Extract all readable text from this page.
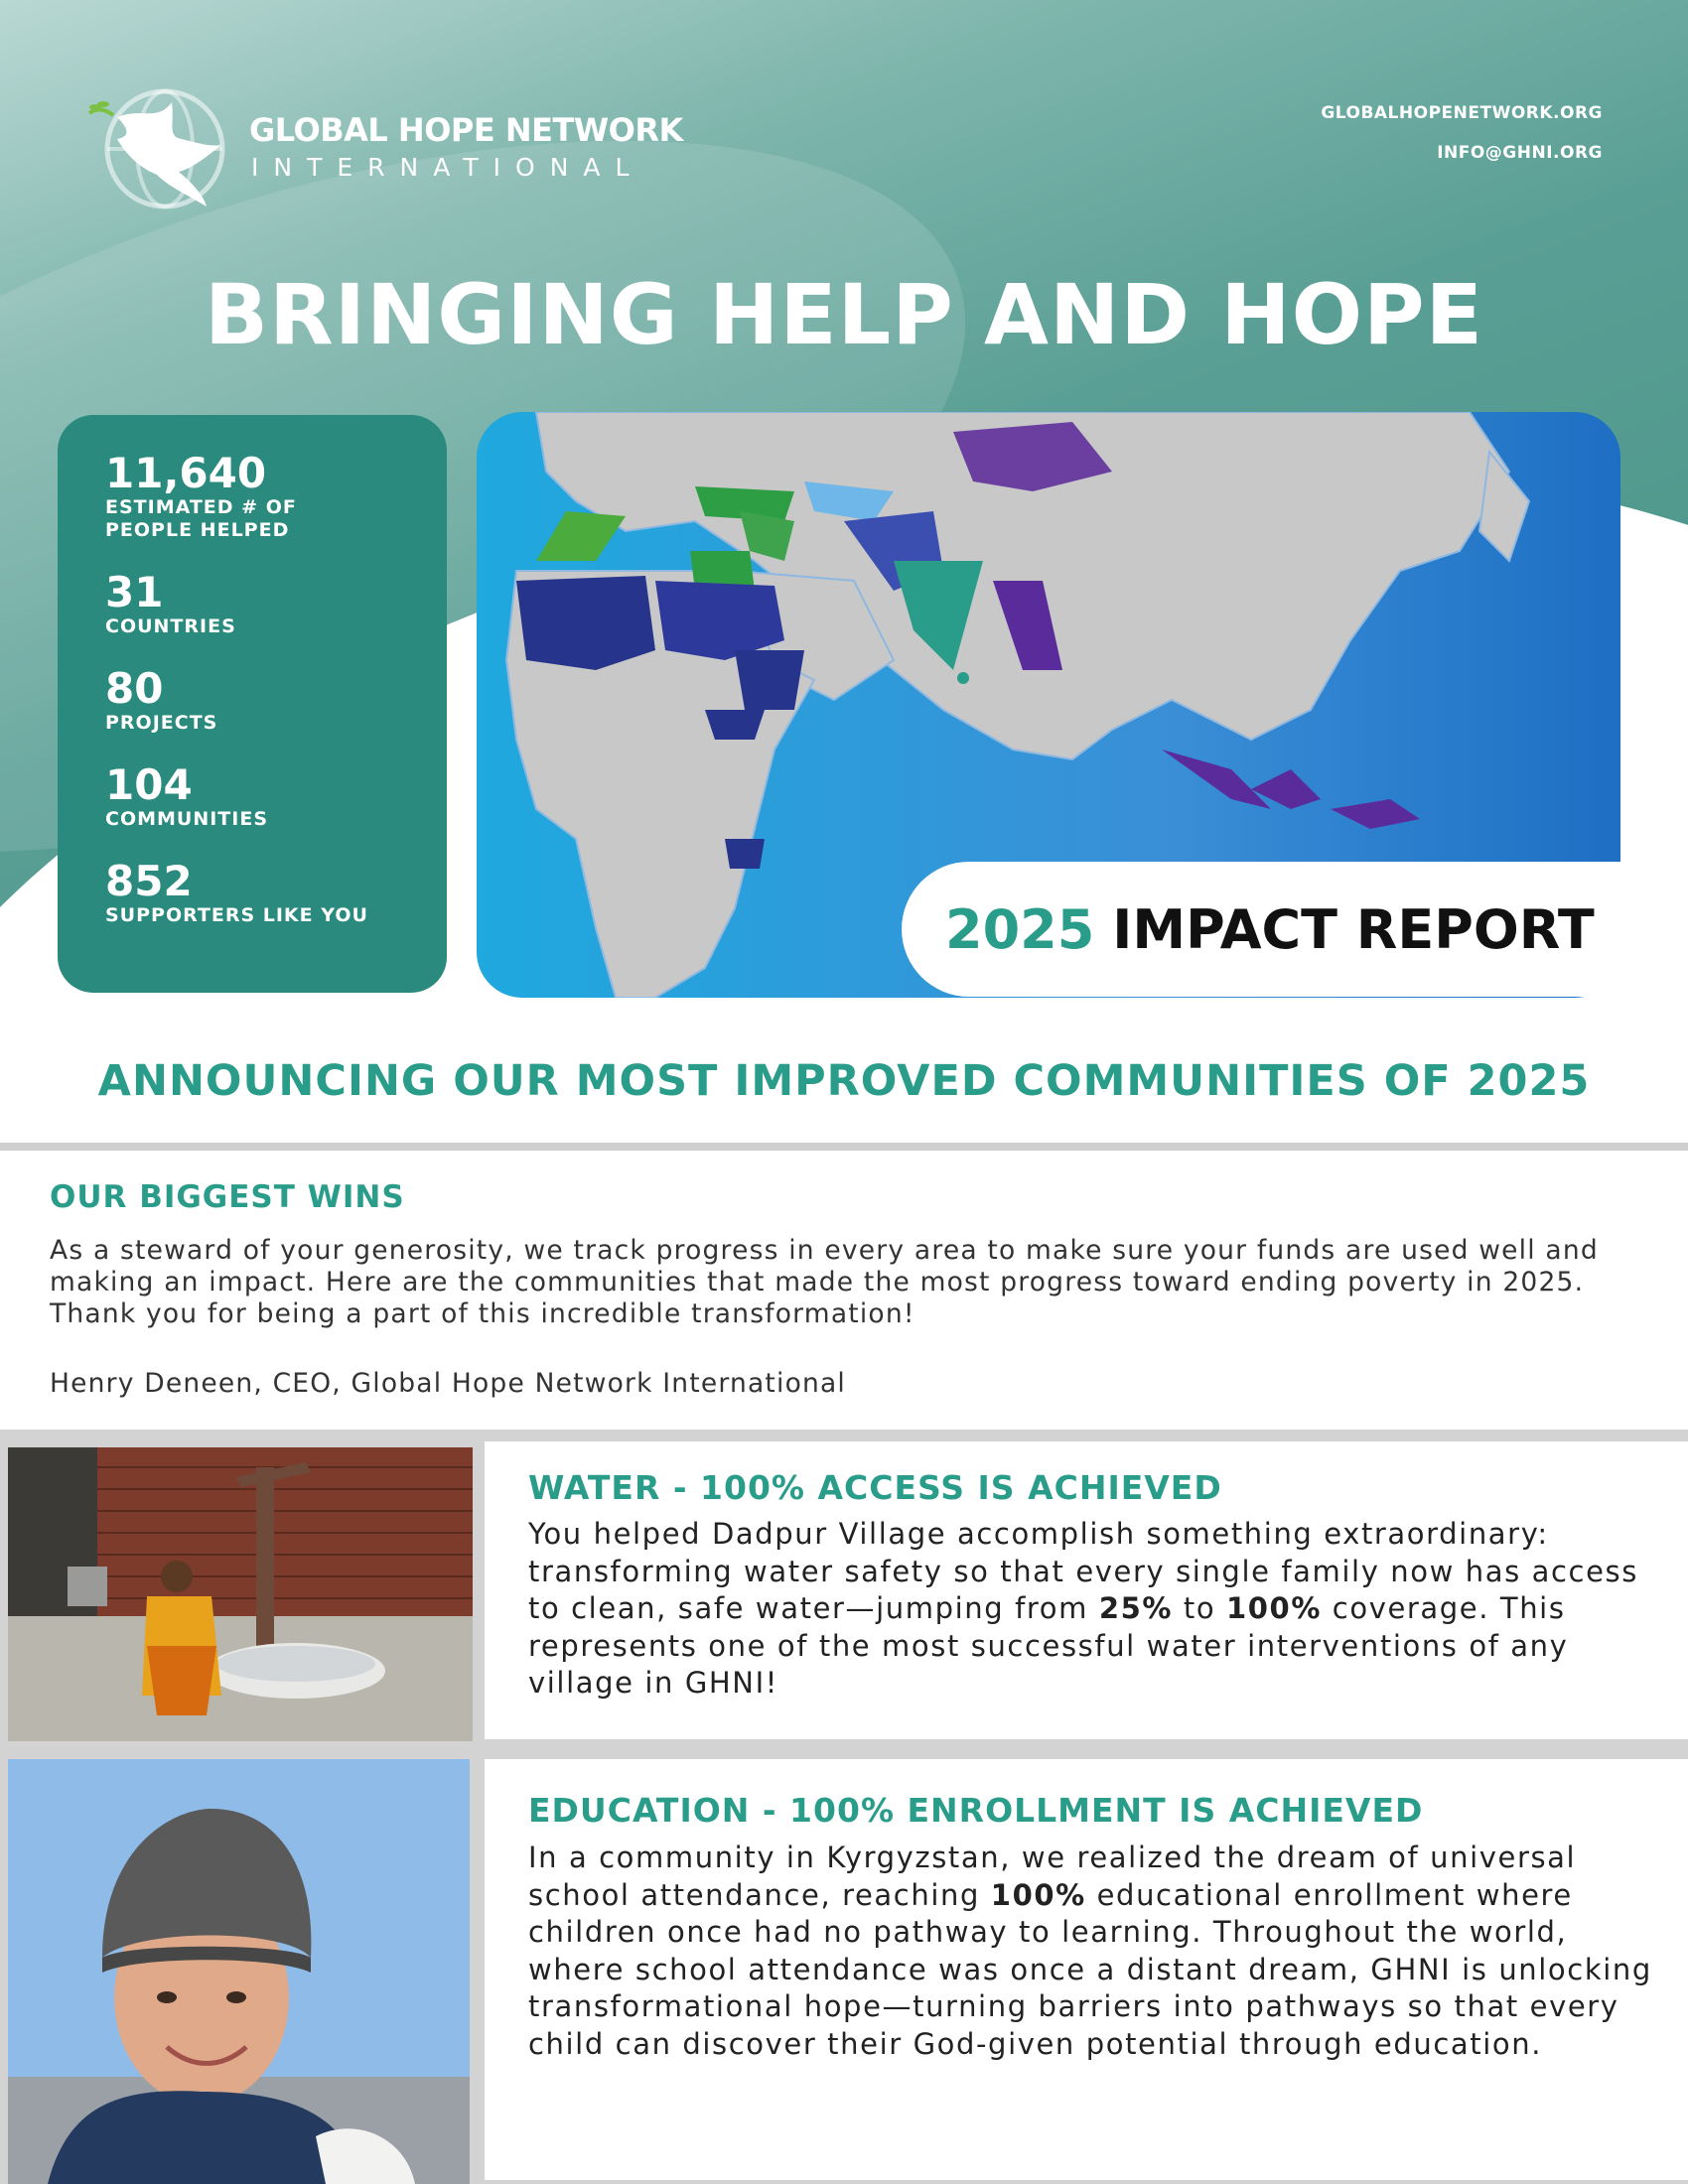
GLOBAL HOPE NETWORK
INTERNATIONAL
GLOBALHOPENETWORK.ORG
INFO@GHNI.ORG
BRINGING HELP AND HOPE
11,640
ESTIMATED # OF
PEOPLE HELPED
31
COUNTRIES
80
PROJECTS
104
COMMUNITIES
852
SUPPORTERS LIKE YOU	2025 IMPACT REPORT
ANNOUNCING OUR MOST IMPROVED COMMUNITIES OF 2025
OUR BIGGEST WINS
As a steward of your generosity, we track progress in every area to make sure your funds are used well and making an impact. Here are the communities that made the most progress toward ending poverty in 2025. Thank you for being a part of this incredible transformation!
Henry Deneen, CEO, Global Hope Network International
WATER - 100% ACCESS IS ACHIEVED
You helped Dadpur Village accomplish something extraordinary: transforming water safety so that every single family now has access to clean, safe water—jumping from 25% to 100% coverage. This represents one of the most successful water interventions of any village in GHNI!
EDUCATION - 100% ENROLLMENT IS ACHIEVED
In a community in Kyrgyzstan, we realized the dream of universal school attendance, reaching 100% educational enrollment where children once had no pathway to learning. Throughout the world, where school attendance was once a distant dream, GHNI is unlocking transformational hope—turning barriers into pathways so that every child can discover their God-given potential through education.
